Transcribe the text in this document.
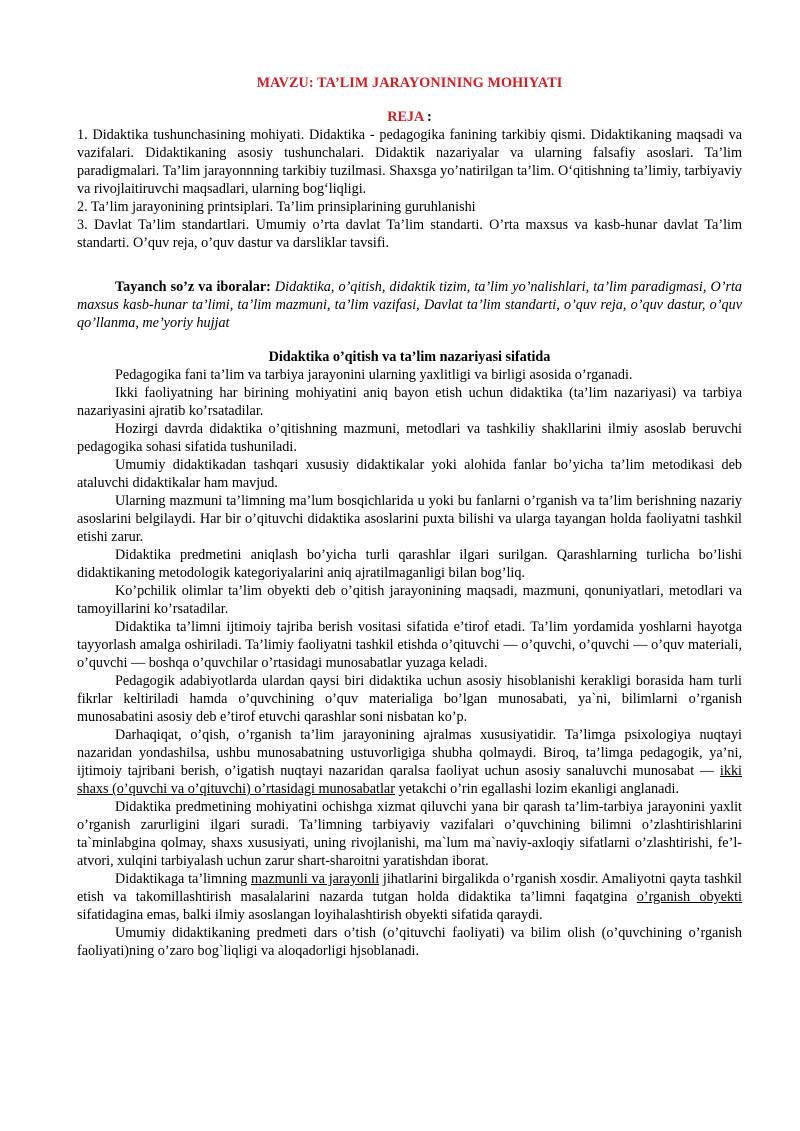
MAVZU: TA’LIM JARAYONINING MOHIYATI
REJA :

1. Didaktika tushunchasining mohiyati. Didaktika - pedagogika fanining tarkibiy qismi. Didaktikaning maqsadi va vazifalari. Didaktikaning asosiy tushunchalari. Didaktik nazariyalar va ularning falsafiy asoslari. Ta’lim paradigmalari. Ta’lim jarayonnning tarkibiy tuzilmasi. Shaxsga yo’natirilgan ta’lim. O‘qitishning ta’limiy, tarbiyaviy va rivojlaitiruvchi maqsadlari, ularning bog‘liqligi.

2. Ta’lim jarayonining printsiplari. Ta’lim prinsiplarining guruhlanishi

3. Davlat Ta’lim standartlari. Umumiy o’rta davlat Ta’lim standarti. O’rta maxsus va kasb-hunar davlat Ta’lim standarti. O’quv reja, o’quv dastur va darsliklar tavsifi.

Tayanch so’z va iboralar: Didaktika, o’qitish, didaktik tizim, ta’lim yo’nalishlari, ta’lim paradigmasi, O’rta maxsus kasb-hunar ta’limi, ta’lim mazmuni, ta’lim vazifasi, Davlat ta’lim standarti, o’quv reja, o’quv dastur, o’quv qo’llanma, me’yoriy hujjat

Didaktika o’qitish va ta’lim nazariyasi sifatida

Pedagogika fani ta’lim va tarbiya jarayonini ularning yaxlitligi va birligi asosida o’rganadi.

Ikki faoliyatning har birining mohiyatini aniq bayon etish uchun didaktika (ta’lim nazariyasi) va tarbiya nazariyasini ajratib ko’rsatadilar.

Hozirgi davrda didaktika o’qitishning mazmuni, metodlari va tashkiliy shakllarini ilmiy asoslab beruvchi pedagogika sohasi sifatida tushuniladi.

Umumiy didaktikadan tashqari xususiy didaktikalar yoki alohida fanlar bo’yicha ta’lim metodikasi deb ataluvchi didaktikalar ham mavjud.

Ularning mazmuni ta’limning ma’lum bosqichlarida u yoki bu fanlarni o’rganish va ta’lim berishning nazariy asoslarini belgilaydi. Har bir o’qituvchi didaktika asoslarini puxta bilishi va ularga tayangan holda faoliyatni tashkil etishi zarur.

Didaktika predmetini aniqlash bo’yicha turli qarashlar ilgari surilgan. Qarashlarning turlicha bo’lishi didaktikaning metodologik kategoriyalarini aniq ajratilmaganligi bilan bog’liq.

Ko’pchilik olimlar ta’lim obyekti deb o’qitish jarayonining maqsadi, mazmuni, qonuniyatlari, metodlari va tamoyillarini ko’rsatadilar.

Didaktika ta’limni ijtimoiy tajriba berish vositasi sifatida e’tirof etadi. Ta’lim yordamida yoshlarni hayotga tayyorlash amalga oshiriladi. Ta’limiy faoliyatni tashkil etishda o’qituvchi — o’quvchi, o’quvchi — o’quv materiali, o’quvchi — boshqa o’quvchilar o’rtasidagi munosabatlar yuzaga keladi.

Pedagogik adabiyotlarda ulardan qaysi biri didaktika uchun asosiy hisoblanishi kerakligi borasida ham turli fikrlar keltiriladi hamda o’quvchining o’quv materialiga bo’lgan munosabati, ya`ni, bilimlarni o’rganish munosabatini asosiy deb e’tirof etuvchi qarashlar soni nisbatan ko’p.

Darhaqiqat, o’qish, o’rganish ta’lim jarayonining ajralmas xususiyatidir. Ta’limga psixologiya nuqtayi nazaridan yondashilsa, ushbu munosabatning ustuvorligiga shubha qolmaydi. Biroq, ta’limga pedagogik, ya’ni, ijtimoiy tajribani berish, o’igatish nuqtayi nazaridan qaralsa faoliyat uchun asosiy sanaluvchi munosabat — ikki shaxs (o’quvchi va o’qituvchi) o’rtasidagi munosabatlar yetakchi o’rin egallashi lozim ekanligi anglanadi.

Didaktika predmetining mohiyatini ochishga xizmat qiluvchi yana bir qarash ta’lim-tarbiya jarayonini yaxlit o’rganish zarurligini ilgari suradi. Ta’limning tarbiyaviy vazifalari o’quvchining bilimni o’zlashtirishlarini ta`minlabgina qolmay, shaxs xususiyati, uning rivojlanishi, ma`lum ma`naviy-axloqiy sifatlarni o’zlashtirishi, fe’l-atvori, xulqini tarbiyalash uchun zarur shart-sharoitni yaratishdan iborat.

Didaktikaga ta’limning mazmunli va jarayonli jihatlarini birgalikda o’rganish xosdir. Amaliyotni qayta tashkil etish va takomillashtirish masalalarini nazarda tutgan holda didaktika ta’limni faqatgina o’rganish obyekti sifatidagina emas, balki ilmiy asoslangan loyihalashtirish obyekti sifatida qaraydi.

Umumiy didaktikaning predmeti dars o’tish (o’qituvchi faoliyati) va bilim olish (o’quvchining o’rganish faoliyati)ning o’zaro bog`liqligi va aloqadorligi hjsoblanadi.
